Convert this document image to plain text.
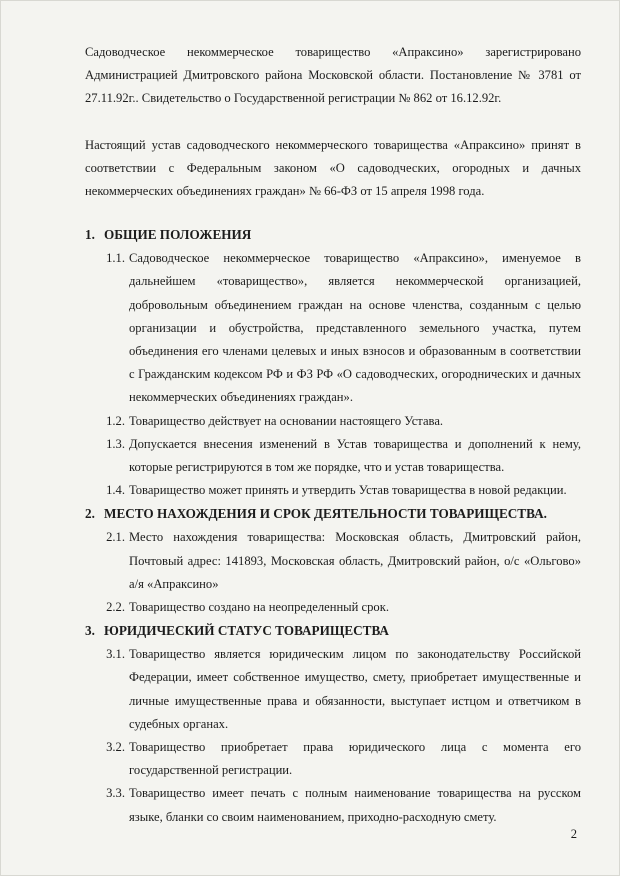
Садоводческое некоммерческое товарищество «Апраксино» зарегистрировано Администрацией Дмитровского района Московской области. Постановление № 3781 от 27.11.92г.. Свидетельство о Государственной регистрации № 862 от 16.12.92г.

Настоящий устав садоводческого некоммерческого товарищества «Апраксино» принят в соответствии с Федеральным законом «О садоводческих, огородных и дачных некоммерческих объединениях граждан» № 66-ФЗ от 15 апреля 1998 года.

1. ОБЩИЕ ПОЛОЖЕНИЯ
1.1. Садоводческое некоммерческое товарищество «Апраксино», именуемое в дальнейшем «товарищество», является некоммерческой организацией, добровольным объединением граждан на основе членства, созданным с целью организации и обустройства, представленного земельного участка, путем объединения его членами целевых и иных взносов и образованным в соответствии с Гражданским кодексом РФ и ФЗ РФ «О садоводческих, огороднических и дачных некоммерческих объединениях граждан».
1.2. Товарищество действует на основании настоящего Устава.
1.3. Допускается внесения изменений в Устав товарищества и дополнений к нему, которые регистрируются в том же порядке, что и устав товарищества.
1.4. Товарищество может принять и утвердить Устав товарищества в новой редакции.
2. МЕСТО НАХОЖДЕНИЯ И СРОК ДЕЯТЕЛЬНОСТИ ТОВАРИЩЕСТВА.
2.1. Место нахождения товарищества: Московская область, Дмитровский район, Почтовый адрес: 141893, Московская область, Дмитровский район, о/с «Ольгово» а/я «Апраксино»
2.2. Товарищество создано на неопределенный срок.
3. ЮРИДИЧЕСКИЙ СТАТУС ТОВАРИЩЕСТВА
3.1. Товарищество является юридическим лицом по законодательству Российской Федерации, имеет собственное имущество, смету, приобретает имущественные и личные имущественные права и обязанности, выступает истцом и ответчиком в судебных органах.
3.2. Товарищество приобретает права юридического лица с момента его государственной регистрации.
3.3. Товарищество имеет печать с полным наименование товарищества на русском языке, бланки со своим наименованием, приходно-расходную смету.
2
